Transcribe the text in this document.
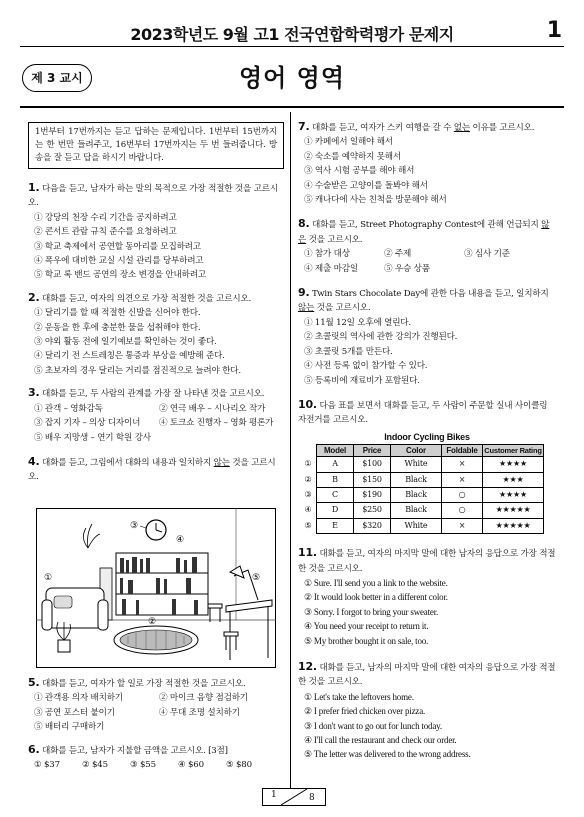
2023학년도 9월 고1 전국연합학력평가 문제지	1
제 3 교시	영어 영역
1번부터 17번까지는 듣고 답하는 문제입니다. 1번부터 15번까지는 한 번만 들려주고, 16번부터 17번까지는 두 번 들려줍니다. 방송을 잘 듣고 답을 하시기 바랍니다.
1. 다음을 듣고, 남자가 하는 말의 목적으로 가장 적절한 것을 고르시오.
① 강당의 천장 수리 기간을 공지하려고
② 콘서트 관람 규칙 준수를 요청하려고
③ 학교 축제에서 공연할 동아리를 모집하려고
④ 폭우에 대비한 교실 시설 관리를 당부하려고
⑤ 학교 록 밴드 공연의 장소 변경을 안내하려고
2. 대화를 듣고, 여자의 의견으로 가장 적절한 것을 고르시오.
① 달리기를 할 때 적절한 신발을 신어야 한다.
② 운동을 한 후에 충분한 물을 섭취해야 한다.
③ 야외 활동 전에 일기예보를 확인하는 것이 좋다.
④ 달리기 전 스트레칭은 통증과 부상을 예방해 준다.
⑤ 초보자의 경우 달리는 거리를 점진적으로 늘려야 한다.
3. 대화를 듣고, 두 사람의 관계를 가장 잘 나타낸 것을 고르시오.
① 관객 – 영화감독	② 연극 배우 – 시나리오 작가
③ 잡지 기자 – 의상 디자이너	④ 토크쇼 진행자 – 영화 평론가
⑤ 배우 지망생 – 연기 학원 강사
4. 대화를 듣고, 그림에서 대화의 내용과 일치하지 않는 것을 고르시오.
③
④
⑤
①
②
5. 대화를 듣고, 여자가 할 일로 가장 적절한 것을 고르시오.
① 관객용 의자 배치하기	② 마이크 음향 점검하기
③ 공연 포스터 붙이기	④ 무대 조명 설치하기
⑤ 배터리 구매하기
6. 대화를 듣고, 남자가 지불할 금액을 고르시오. [3점]
① $37	② $45	③ $55	④ $60	⑤ $80
7. 대화를 듣고, 여자가 스키 여행을 갈 수 없는 이유를 고르시오.
① 카페에서 일해야 해서
② 숙소를 예약하지 못해서
③ 역사 시험 공부를 해야 해서
④ 수술받은 고양이를 돌봐야 해서
⑤ 캐나다에 사는 친척을 방문해야 해서
8. 대화를 듣고, Street Photography Contest에 관해 언급되지 않은 것을 고르시오.
① 참가 대상	② 주제	③ 심사 기준
④ 제출 마감일	⑤ 우승 상품
9. Twin Stars Chocolate Day에 관한 다음 내용을 듣고, 일치하지 않는 것을 고르시오.
① 11월 12일 오후에 열린다.
② 초콜릿의 역사에 관한 강의가 진행된다.
③ 초콜릿 5개를 만든다.
④ 사전 등록 없이 참가할 수 있다.
⑤ 등록비에 재료비가 포함된다.
10. 다음 표를 보면서 대화를 듣고, 두 사람이 주문할 실내 사이클링 자전거를 고르시오.
Indoor Cycling Bikes
	Model	Price	Color	Foldable	Customer Rating
①	A	$100	White	×	★★★★
②	B	$150	Black	×	★★★
③	C	$190	Black	○	★★★★
④	D	$250	Black	○	★★★★★
⑤	E	$320	White	×	★★★★★
11. 대화를 듣고, 여자의 마지막 말에 대한 남자의 응답으로 가장 적절한 것을 고르시오.
① Sure. I'll send you a link to the website.
② It would look better in a different color.
③ Sorry. I forgot to bring your sweater.
④ You need your receipt to return it.
⑤ My brother bought it on sale, too.
12. 대화를 듣고, 남자의 마지막 말에 대한 여자의 응답으로 가장 적절한 것을 고르시오.
① Let's take the leftovers home.
② I prefer fried chicken over pizza.
③ I don't want to go out for lunch today.
④ I'll call the restaurant and check our order.
⑤ The letter was delivered to the wrong address.
1	8
